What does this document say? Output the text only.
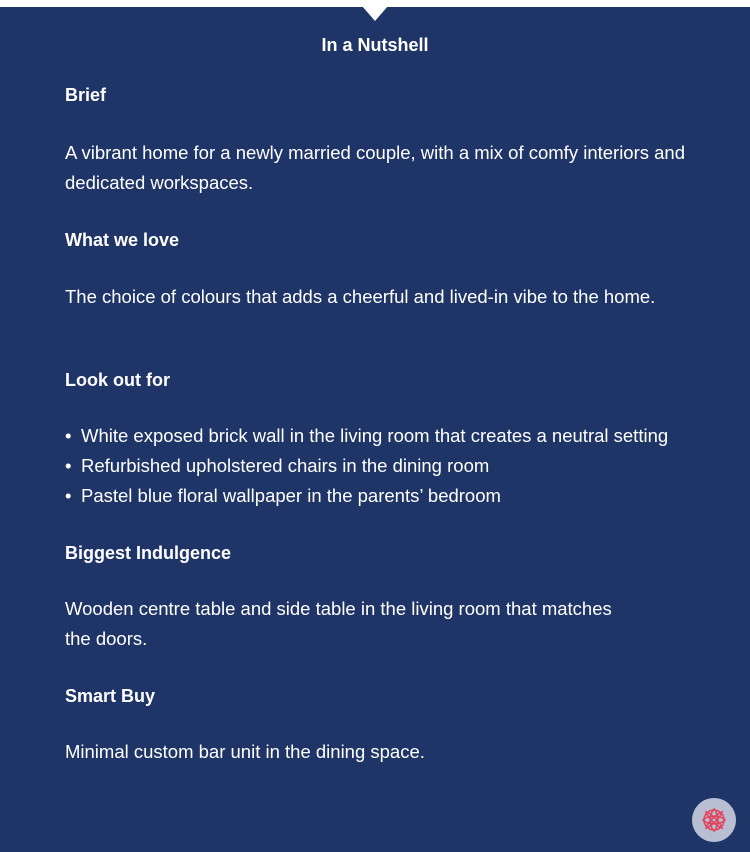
In a Nutshell
Brief

A vibrant home for a newly married couple, with a mix of comfy interiors and dedicated workspaces.

What we love

The choice of colours that adds a cheerful and lived-in vibe to the home.

Look out for
• White exposed brick wall in the living room that creates a neutral setting
• Refurbished upholstered chairs in the dining room
• Pastel blue floral wallpaper in the parents’ bedroom
Biggest Indulgence

Wooden centre table and side table in the living room that matches
the doors.

Smart Buy

Minimal custom bar unit in the dining space.
